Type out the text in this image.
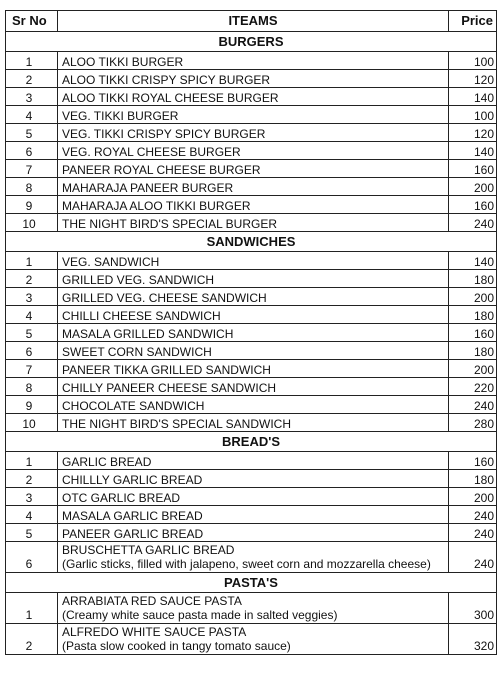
Sr No	ITEAMS	Price
BURGERS		
1	ALOO TIKKI BURGER	100
2	ALOO TIKKI CRISPY SPICY BURGER	120
3	ALOO TIKKI ROYAL CHEESE BURGER	140
4	VEG. TIKKI BURGER	100
5	VEG. TIKKI CRISPY SPICY BURGER	120
6	VEG. ROYAL CHEESE BURGER	140
7	PANEER ROYAL CHEESE BURGER	160
8	MAHARAJA PANEER BURGER	200
9	MAHARAJA ALOO TIKKI BURGER	160
10	THE NIGHT BIRD'S SPECIAL BURGER	240
SANDWICHES		
1	VEG. SANDWICH	140
2	GRILLED VEG. SANDWICH	180
3	GRILLED VEG. CHEESE SANDWICH	200
4	CHILLI CHEESE SANDWICH	180
5	MASALA GRILLED SANDWICH	160
6	SWEET CORN SANDWICH	180
7	PANEER TIKKA GRILLED SANDWICH	200
8	CHILLY PANEER CHEESE SANDWICH	220
9	CHOCOLATE SANDWICH	240
10	THE NIGHT BIRD'S SPECIAL SANDWICH	280
BREAD'S		
1	GARLIC BREAD	160
2	CHILLLY GARLIC BREAD	180
3	OTC GARLIC BREAD	200
4	MASALA GARLIC BREAD	240
5	PANEER GARLIC BREAD	240
6	BRUSCHETTA GARLIC BREAD
(Garlic sticks, filled with jalapeno, sweet corn and mozzarella cheese)	240
PASTA'S		
1	ARRABIATA RED SAUCE PASTA
(Creamy white sauce pasta made in salted veggies)	300
2	ALFREDO WHITE SAUCE PASTA
(Pasta slow cooked in tangy tomato sauce)	320
